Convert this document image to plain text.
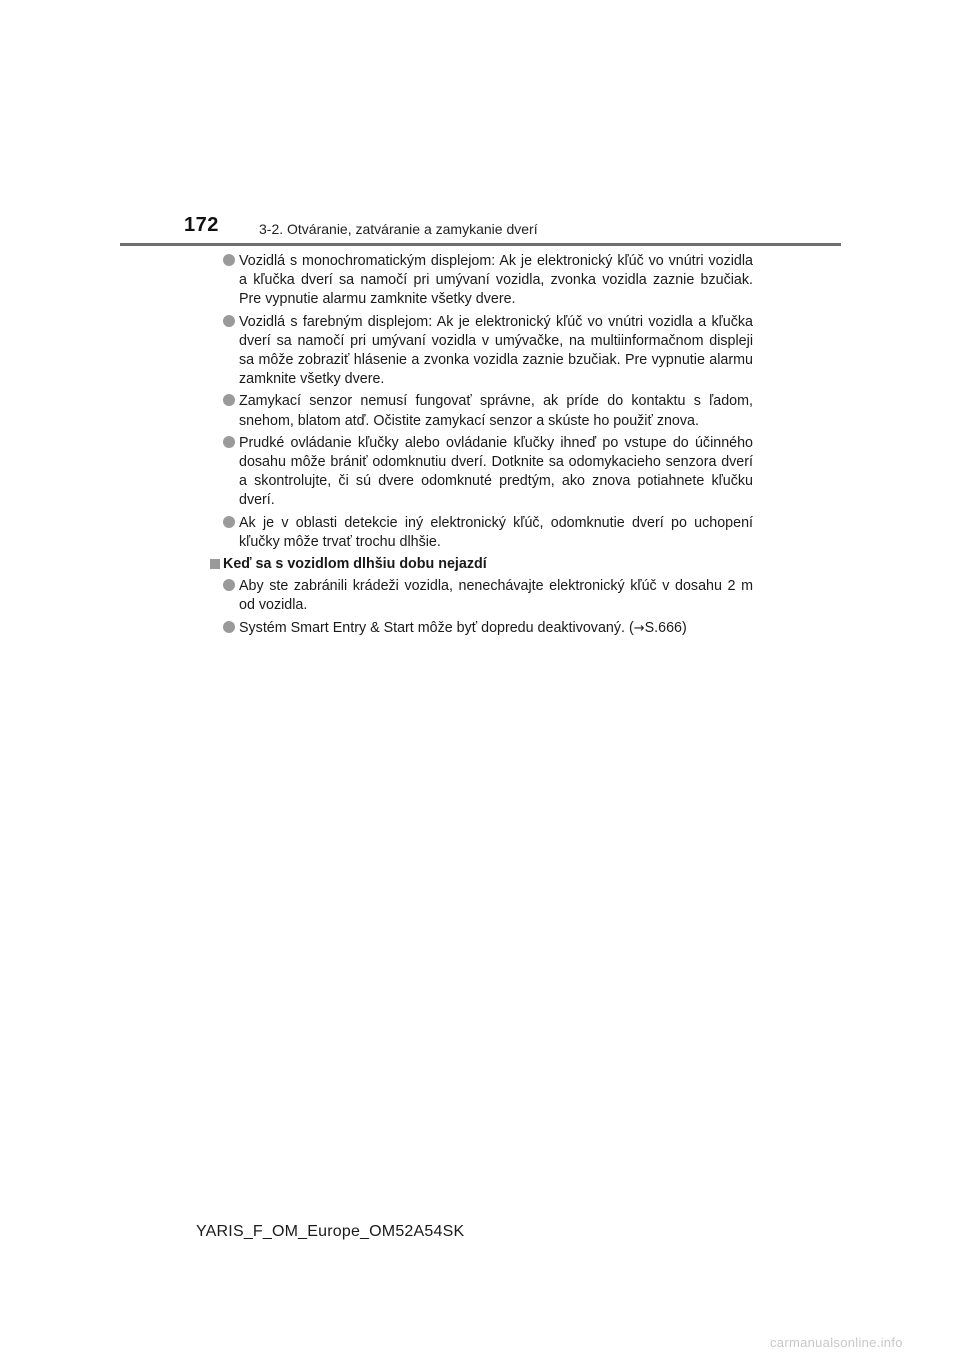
172	3-2. Otváranie, zatváranie a zamykanie dverí
Vozidlá s monochromatickým displejom: Ak je elektronický kľúč vo vnútri vozidla a kľučka dverí sa namočí pri umývaní vozidla, zvonka vozidla zaznie bzučiak. Pre vypnutie alarmu zamknite všetky dvere.
Vozidlá s farebným displejom: Ak je elektronický kľúč vo vnútri vozidla a kľučka dverí sa namočí pri umývaní vozidla v umývačke, na multiinformačnom displeji sa môže zobraziť hlásenie a zvonka vozidla zaznie bzučiak. Pre vypnutie alarmu zamknite všetky dvere.
Zamykací senzor nemusí fungovať správne, ak príde do kontaktu s ľadom, snehom, blatom atď. Očistite zamykací senzor a skúste ho použiť znova.
Prudké ovládanie kľučky alebo ovládanie kľučky ihneď po vstupe do účinného dosahu môže brániť odomknutiu dverí. Dotknite sa odomykacieho senzora dverí a skontrolujte, či sú dvere odomknuté predtým, ako znova potiahnete kľučku dverí.
Ak je v oblasti detekcie iný elektronický kľúč, odomknutie dverí po uchopení kľučky môže trvať trochu dlhšie.
Keď sa s vozidlom dlhšiu dobu nejazdí
Aby ste zabránili krádeži vozidla, nenechávajte elektronický kľúč v dosahu 2 m od vozidla.
Systém Smart Entry & Start môže byť dopredu deaktivovaný. (→S.666)
YARIS_F_OM_Europe_OM52A54SK
carmanualsonline.info
